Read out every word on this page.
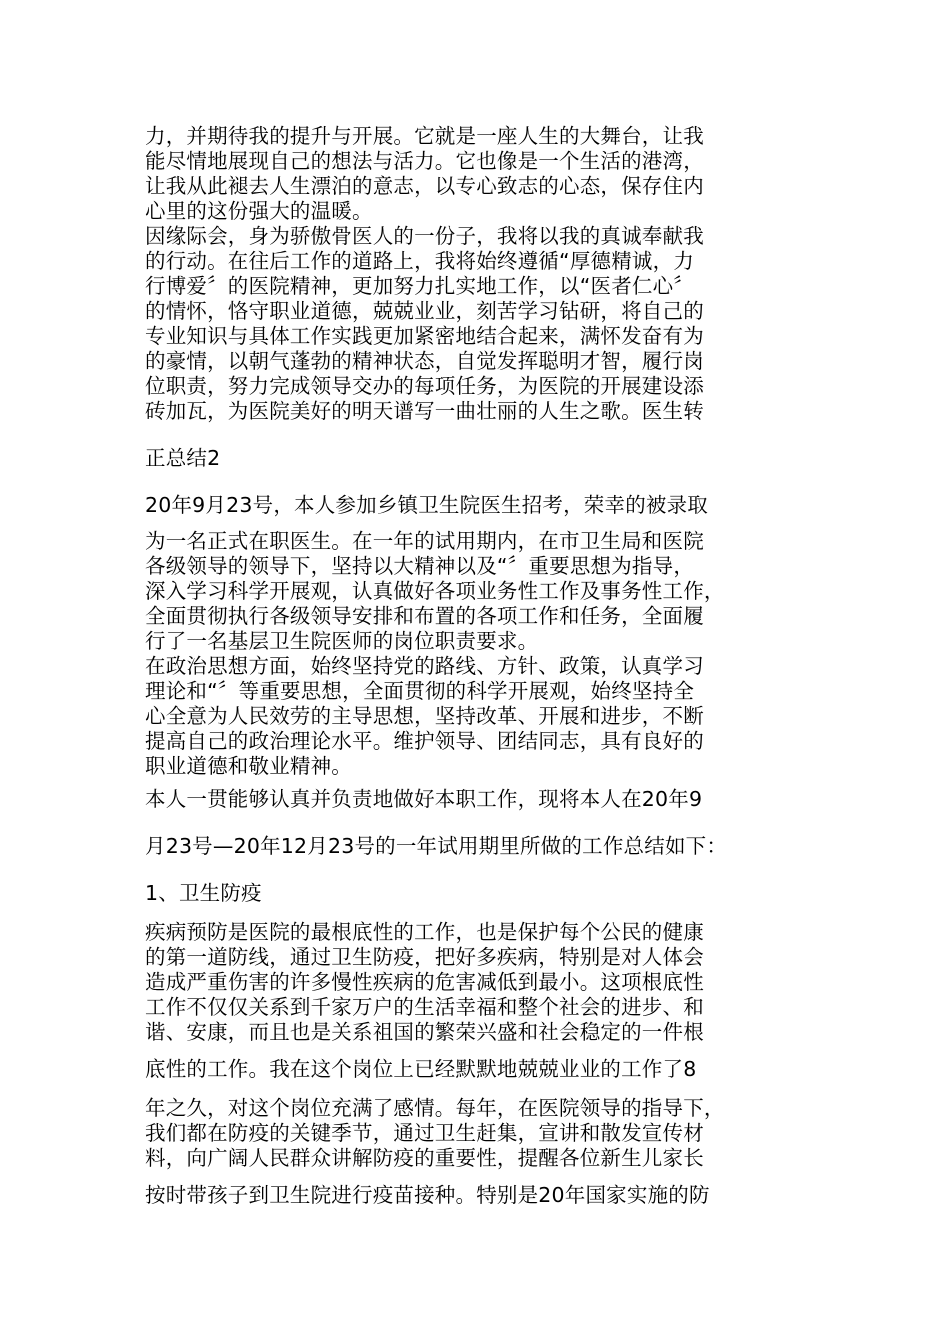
力，并期待我的提升与开展。它就是一座人生的大舞台，让我
能尽情地展现自己的想法与活力。它也像是一个生活的港湾，
让我从此褪去人生漂泊的意志，以专心致志的心态，保存住内
心里的这份强大的温暖。
因缘际会，身为骄傲骨医人的一份子，我将以我的真诚奉献我
的行动。在往后工作的道路上，我将始终遵循“厚德精诚，力
行博爱〞的医院精神，更加努力扎实地工作，以“医者仁心〞
的情怀，恪守职业道德，兢兢业业，刻苦学习钻研，将自己的
专业知识与具体工作实践更加紧密地结合起来，满怀发奋有为
的豪情，以朝气蓬勃的精神状态，自觉发挥聪明才智，履行岗
位职责，努力完成领导交办的每项任务，为医院的开展建设添
砖加瓦，为医院美好的明天谱写一曲壮丽的人生之歌。医生转
正总结2
20年9月23号，本人参加乡镇卫生院医生招考，荣幸的被录取
为一名正式在职医生。在一年的试用期内，在市卫生局和医院
各级领导的领导下，坚持以大精神以及“〞重要思想为指导，
深入学习科学开展观，认真做好各项业务性工作及事务性工作，
全面贯彻执行各级领导安排和布置的各项工作和任务，全面履
行了一名基层卫生院医师的岗位职责要求。
在政治思想方面，始终坚持党的路线、方针、政策，认真学习
理论和“〞等重要思想，全面贯彻的科学开展观，始终坚持全
心全意为人民效劳的主导思想，坚持改革、开展和进步，不断
提高自己的政治理论水平。维护领导、团结同志，具有良好的
职业道德和敬业精神。
本人一贯能够认真并负责地做好本职工作，现将本人在20年9
月23号—20年12月23号的一年试用期里所做的工作总结如下：
1、卫生防疫
疾病预防是医院的最根底性的工作，也是保护每个公民的健康
的第一道防线，通过卫生防疫，把好多疾病，特别是对人体会
造成严重伤害的许多慢性疾病的危害减低到最小。这项根底性
工作不仅仅关系到千家万户的生活幸福和整个社会的进步、和
谐、安康，而且也是关系祖国的繁荣兴盛和社会稳定的一件根
底性的工作。我在这个岗位上已经默默地兢兢业业的工作了8
年之久，对这个岗位充满了感情。每年，在医院领导的指导下，
我们都在防疫的关键季节，通过卫生赶集，宣讲和散发宣传材
料，向广阔人民群众讲解防疫的重要性，提醒各位新生儿家长
按时带孩子到卫生院进行疫苗接种。特别是20年国家实施的防
